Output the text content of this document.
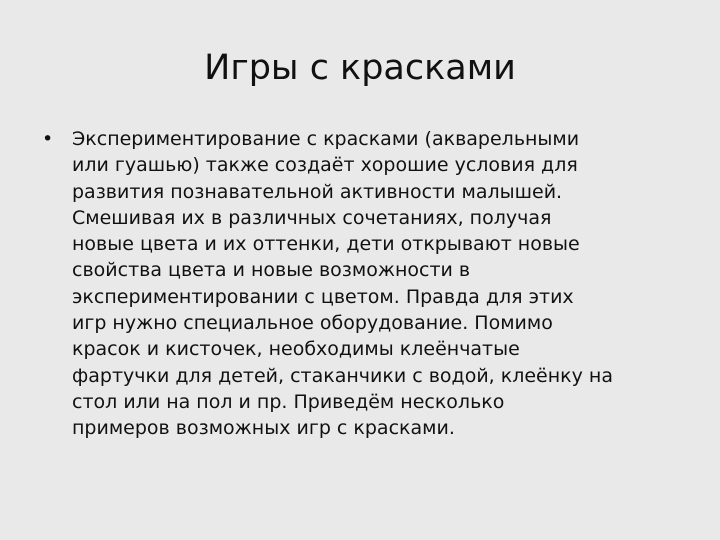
Игры с красками
• Экспериментирование с красками (акварельными
или гуашью) также создаёт хорошие условия для
развития познавательной активности малышей.
Смешивая их в различных сочетаниях, получая
новые цвета и их оттенки, дети открывают новые
свойства цвета и новые возможности в
экспериментировании с цветом. Правда для этих
игр нужно специальное оборудование. Помимо
красок и кисточек, необходимы клеёнчатые
фартучки для детей, стаканчики с водой, клеёнку на
стол или на пол и пр. Приведём несколько
примеров возможных игр с красками.
